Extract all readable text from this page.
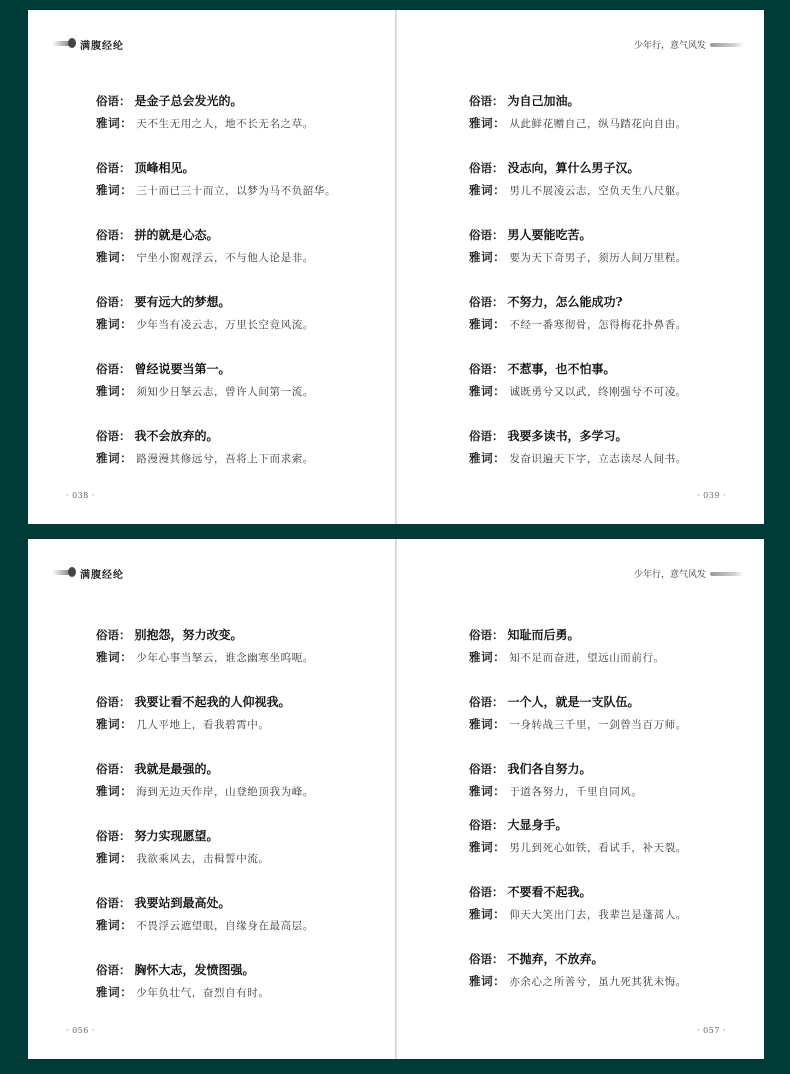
满腹经纶
俗语： 是金子总会发光的。
雅词： 天不生无用之人，地不长无名之草。
俗语： 顶峰相见。
雅词： 三十而已三十而立，以梦为马不负韶华。
俗语： 拼的就是心态。
雅词： 宁坐小窗观浮云，不与他人论是非。
俗语： 要有远大的梦想。
雅词： 少年当有凌云志，万里长空竟风流。
俗语： 曾经说要当第一。
雅词： 须知少日拏云志，曾许人间第一流。
俗语： 我不会放弃的。
雅词： 路漫漫其修远兮，吾将上下而求索。
· 038 ·
少年行，意气风发
俗语： 为自己加油。
雅词： 从此鲜花赠自己，纵马踏花向自由。
俗语： 没志向，算什么男子汉。
雅词： 男儿不展凌云志，空负天生八尺躯。
俗语： 男人要能吃苦。
雅词： 要为天下奇男子，须历人间万里程。
俗语： 不努力，怎么能成功?
雅词： 不经一番寒彻骨，怎得梅花扑鼻香。
俗语： 不惹事，也不怕事。
雅词： 诚既勇兮又以武，终刚强兮不可凌。
俗语： 我要多读书，多学习。
雅词： 发奋识遍天下字，立志读尽人间书。
· 039 ·
满腹经纶
俗语： 别抱怨，努力改变。
雅词： 少年心事当拏云，谁念幽寒坐呜呃。
俗语： 我要让看不起我的人仰视我。
雅词： 几人平地上，看我碧霄中。
俗语： 我就是最强的。
雅词： 海到无边天作岸，山登绝顶我为峰。
俗语： 努力实现愿望。
雅词： 我欲乘风去，击楫誓中流。
俗语： 我要站到最高处。
雅词： 不畏浮云遮望眼，自缘身在最高层。
俗语： 胸怀大志，发愤图强。
雅词： 少年负壮气，奋烈自有时。
· 056 ·
少年行，意气风发
俗语： 知耻而后勇。
雅词： 知不足而奋进，望远山而前行。
俗语： 一个人，就是一支队伍。
雅词： 一身转战三千里，一剑曾当百万师。
俗语： 我们各自努力。
雅词： 于道各努力，千里自同风。
俗语： 大显身手。
雅词： 男儿到死心如铁，看试手，补天裂。
俗语： 不要看不起我。
雅词： 仰天大笑出门去，我辈岂是蓬蒿人。
俗语： 不抛弃，不放弃。
雅词： 亦余心之所善兮，虽九死其犹未悔。
· 057 ·
